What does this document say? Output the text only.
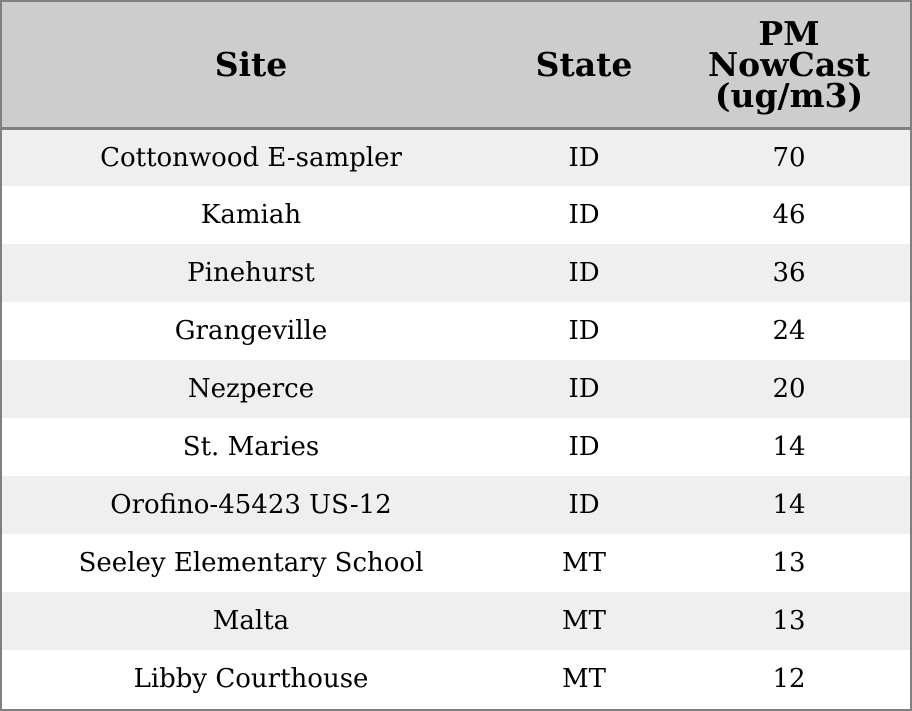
Site	State	PM
NowCast
(ug/m3)

Cottonwood E-sampler	ID	70
Kamiah	ID	46
Pinehurst	ID	36
Grangeville	ID	24
Nezperce	ID	20
St. Maries	ID	14
Orofino-45423 US-12	ID	14
Seeley Elementary School	MT	13
Malta	MT	13
Libby Courthouse	MT	12
